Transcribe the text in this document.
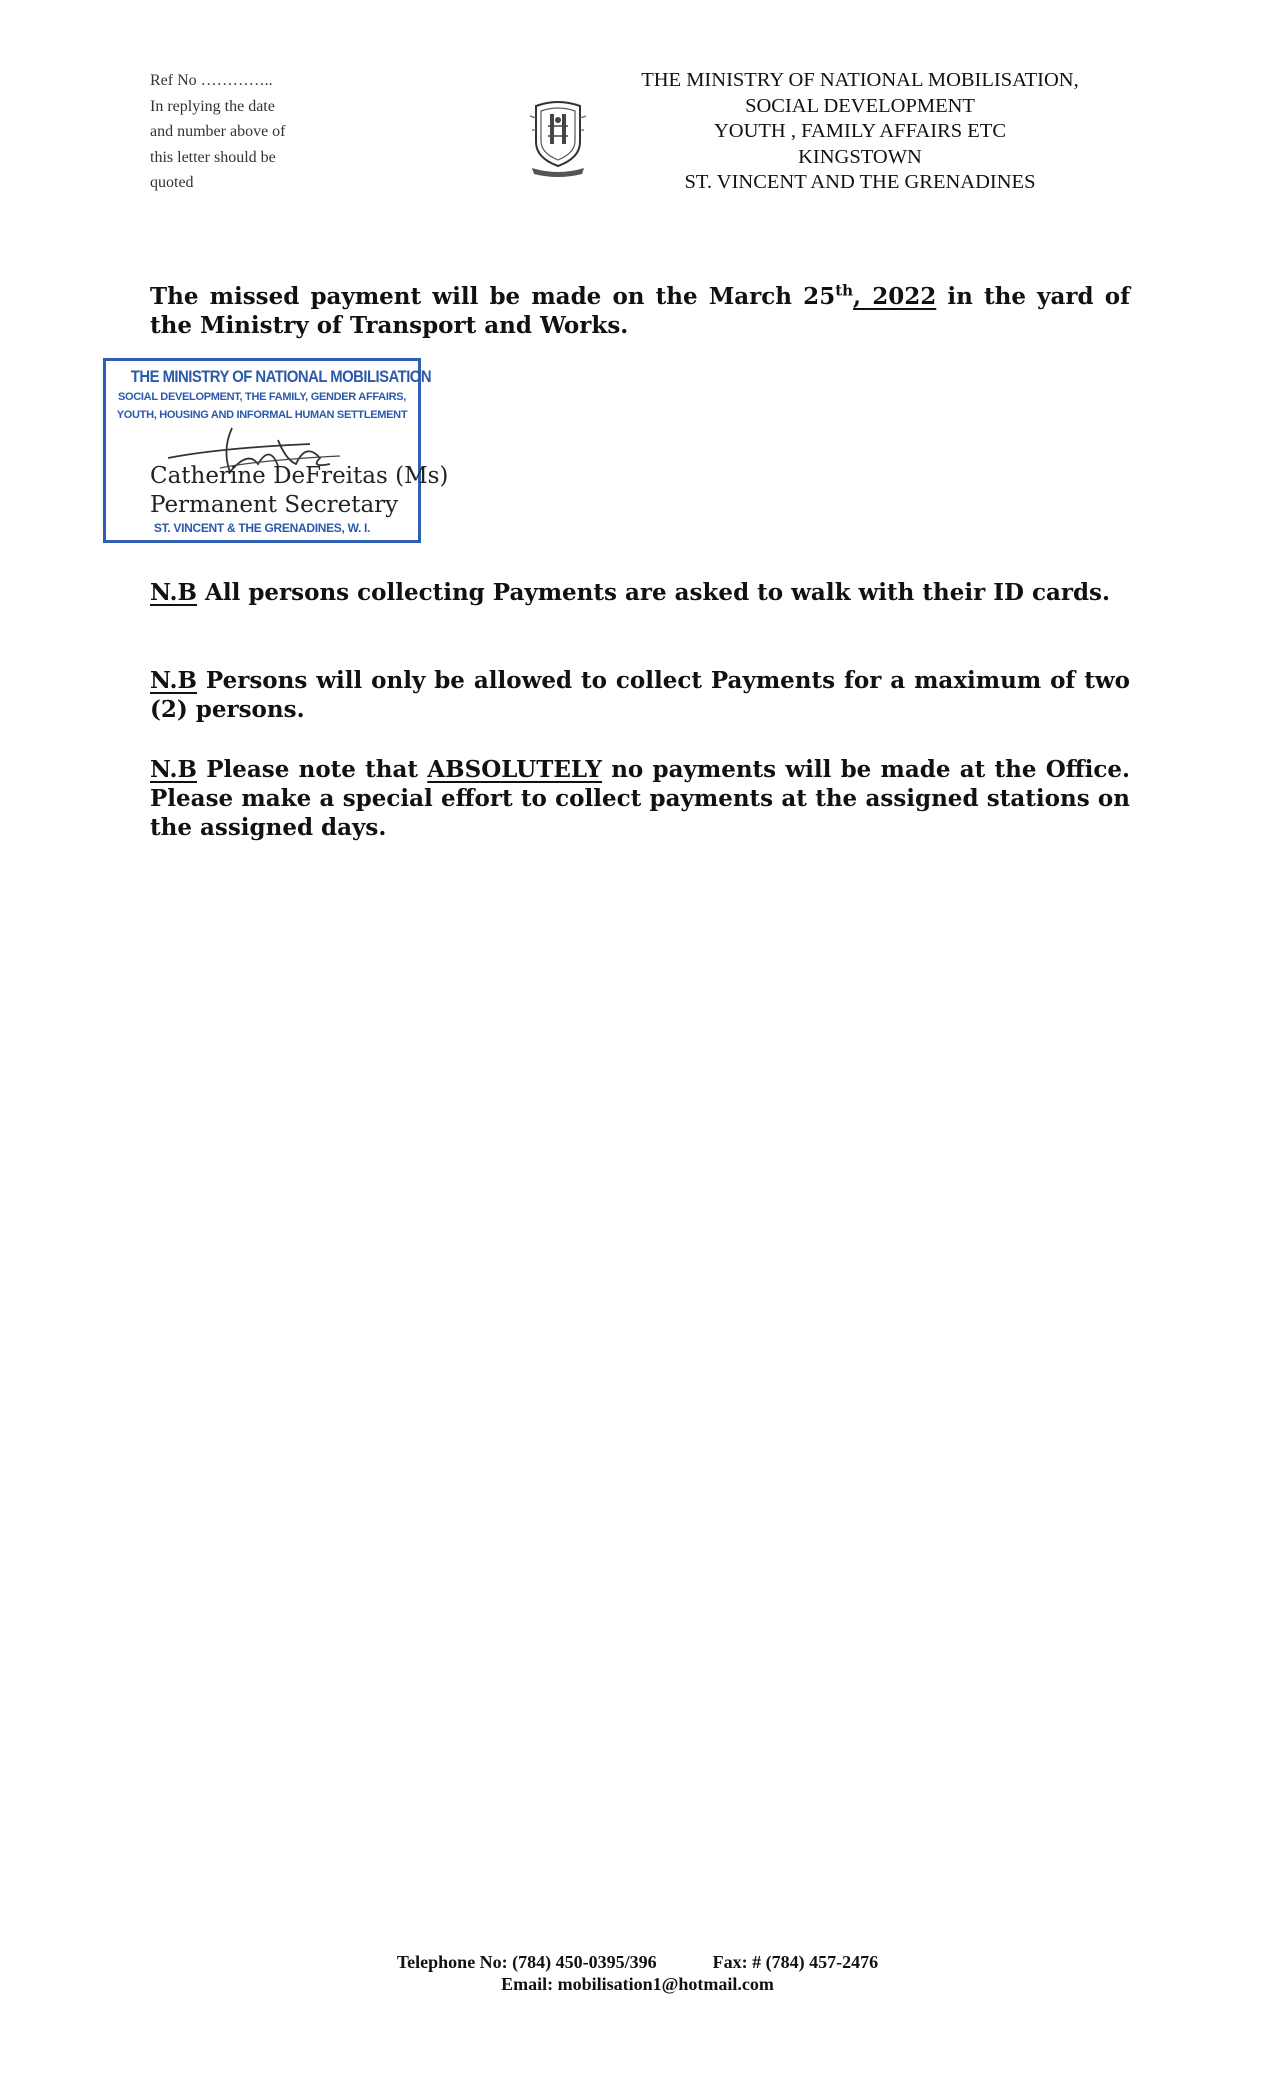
Ref No …………..
In replying the date
and number above of
this letter should be
quoted
THE MINISTRY OF NATIONAL MOBILISATION,
SOCIAL DEVELOPMENT
YOUTH , FAMILY AFFAIRS ETC
KINGSTOWN
ST. VINCENT AND THE GRENADINES
The missed payment will be made on the March 25th, 2022 in the yard of the Ministry of Transport and Works.
THE MINISTRY OF NATIONAL MOBILISATION
SOCIAL DEVELOPMENT, THE FAMILY, GENDER AFFAIRS,
YOUTH, HOUSING AND INFORMAL HUMAN SETTLEMENT
ST. VINCENT & THE GRENADINES, W. I.
Catherine DeFreitas (Ms)
Permanent Secretary
N.B All persons collecting Payments are asked to walk with their ID cards.
N.B Persons will only be allowed to collect Payments for a maximum of two (2) persons.
N.B Please note that ABSOLUTELY no payments will be made at the Office. Please make a special effort to collect payments at the assigned stations on the assigned days.
Telephone No: (784) 450-0395/396	Fax: # (784) 457-2476
Email: mobilisation1@hotmail.com
